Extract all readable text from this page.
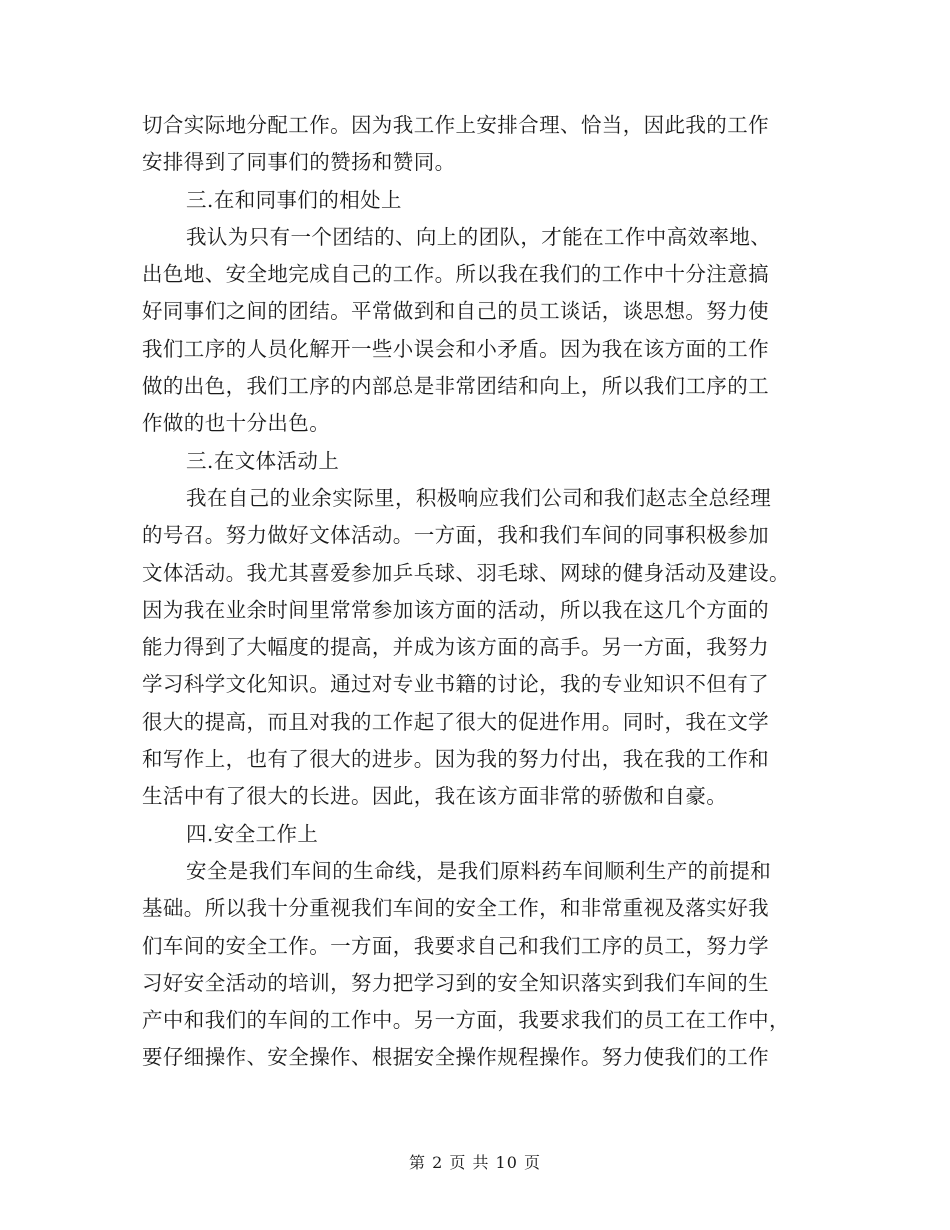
切合实际地分配工作。因为我工作上安排合理、恰当，因此我的工作
安排得到了同事们的赞扬和赞同。
三.在和同事们的相处上
我认为只有一个团结的、向上的团队，才能在工作中高效率地、
出色地、安全地完成自己的工作。所以我在我们的工作中十分注意搞
好同事们之间的团结。平常做到和自己的员工谈话，谈思想。努力使
我们工序的人员化解开一些小误会和小矛盾。因为我在该方面的工作
做的出色，我们工序的内部总是非常团结和向上，所以我们工序的工
作做的也十分出色。
三.在文体活动上
我在自己的业余实际里，积极响应我们公司和我们赵志全总经理
的号召。努力做好文体活动。一方面，我和我们车间的同事积极参加
文体活动。我尤其喜爱参加乒乓球、羽毛球、网球的健身活动及建设。
因为我在业余时间里常常参加该方面的活动，所以我在这几个方面的
能力得到了大幅度的提高，并成为该方面的高手。另一方面，我努力
学习科学文化知识。通过对专业书籍的讨论，我的专业知识不但有了
很大的提高，而且对我的工作起了很大的促进作用。同时，我在文学
和写作上，也有了很大的进步。因为我的努力付出，我在我的工作和
生活中有了很大的长进。因此，我在该方面非常的骄傲和自豪。
四.安全工作上
安全是我们车间的生命线，是我们原料药车间顺利生产的前提和
基础。所以我十分重视我们车间的安全工作，和非常重视及落实好我
们车间的安全工作。一方面，我要求自己和我们工序的员工，努力学
习好安全活动的培训，努力把学习到的安全知识落实到我们车间的生
产中和我们的车间的工作中。另一方面，我要求我们的员工在工作中，
要仔细操作、安全操作、根据安全操作规程操作。努力使我们的工作
第 2 页 共 10 页
